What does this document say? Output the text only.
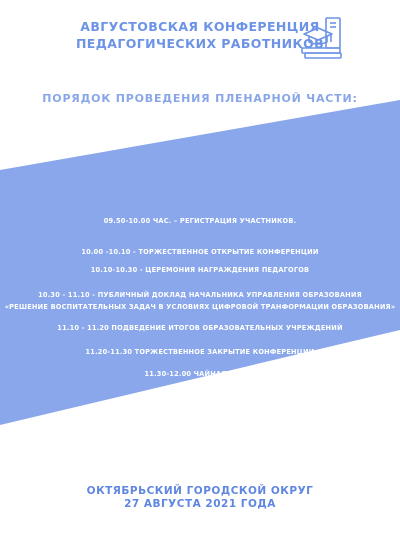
АВГУСТОВСКАЯ КОНФЕРЕНЦИЯ
ПЕДАГОГИЧЕСКИХ РАБОТНИКОВ
ПОРЯДОК ПРОВЕДЕНИЯ ПЛЕНАРНОЙ ЧАСТИ:
09.50-10.00 ЧАС. – РЕГИСТРАЦИЯ УЧАСТНИКОВ.
10.00 -10.10 - ТОРЖЕСТВЕННОЕ ОТКРЫТИЕ КОНФЕРЕНЦИИ
10.10-10.30 - ЦЕРЕМОНИЯ НАГРАЖДЕНИЯ ПЕДАГОГОВ
10.30 - 11.10 - ПУБЛИЧНЫЙ ДОКЛАД НАЧАЛЬНИКА УПРАВЛЕНИЯ ОБРАЗОВАНИЯ
«РЕШЕНИЕ ВОСПИТАТЕЛЬНЫХ ЗАДАЧ В УСЛОВИЯХ ЦИФРОВОЙ ТРАНФОРМАЦИИ ОБРАЗОВАНИЯ»
11.10 - 11.20 ПОДВЕДЕНИЕ ИТОГОВ ОБРАЗОВАТЕЛЬНЫХ УЧРЕЖДЕНИЙ
11.20-11.30 ТОРЖЕСТВЕННОЕ ЗАКРЫТИЕ КОНФЕРЕНЦИИ
11.30-12.00 ЧАЙНАЯ ПАУЗА
ОКТЯБРЬСКИЙ ГОРОДСКОЙ ОКРУГ
27 АВГУСТА 2021 ГОДА
